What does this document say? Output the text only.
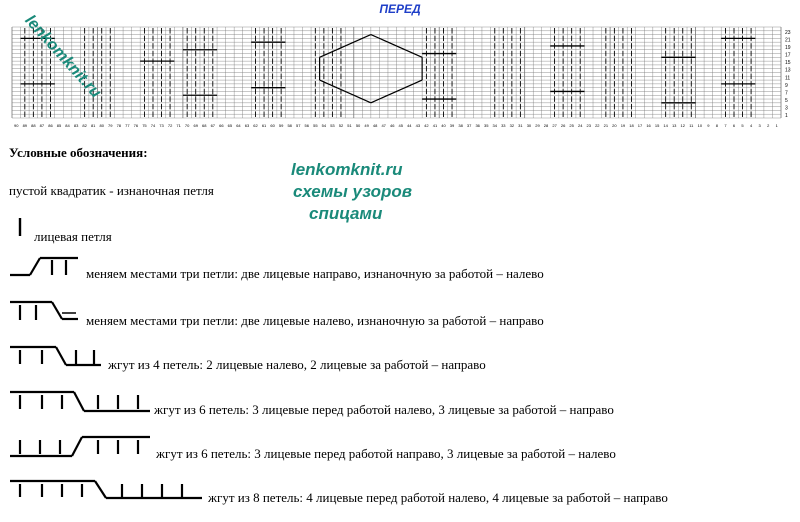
ПЕРЕД
23
21
19
17
15
13
11
9
7
5
3
1
90 89 88 87 86 85 84 83 82 81 80 79 78 77 76 75 74 73 72 71 70 69 68 67 66 65 64 63 62 61 60 59 58 57 56 55 54 53 52 51 50 49 48 47 46 45 44 43 42 41 40 39 38 37 36 35 34 33 32 31 30 29 28 27 26 25 24 23 22 21 20 19 18 17 16 15 14 13 12 11 10 9 8 7 6 5 4 3 2 1
lenkomknit.ru
Условные обозначения:
lenkomknit.ru
схемы узоров
спицами
пустой квадратик - изнаночная петля
лицевая петля
меняем местами три петли: две лицевые направо, изнаночную за работой – налево
меняем местами три петли: две лицевые налево, изнаночную за работой – направо
жгут из 4 петель: 2 лицевые налево, 2 лицевые за работой – направо
жгут из 6 петель: 3 лицевые перед работой налево, 3 лицевые за работой – направо
жгут из 6 петель: 3 лицевые перед работой направо, 3 лицевые за работой – налево
жгут из 8 петель: 4 лицевые перед работой налево, 4 лицевые за работой – направо
